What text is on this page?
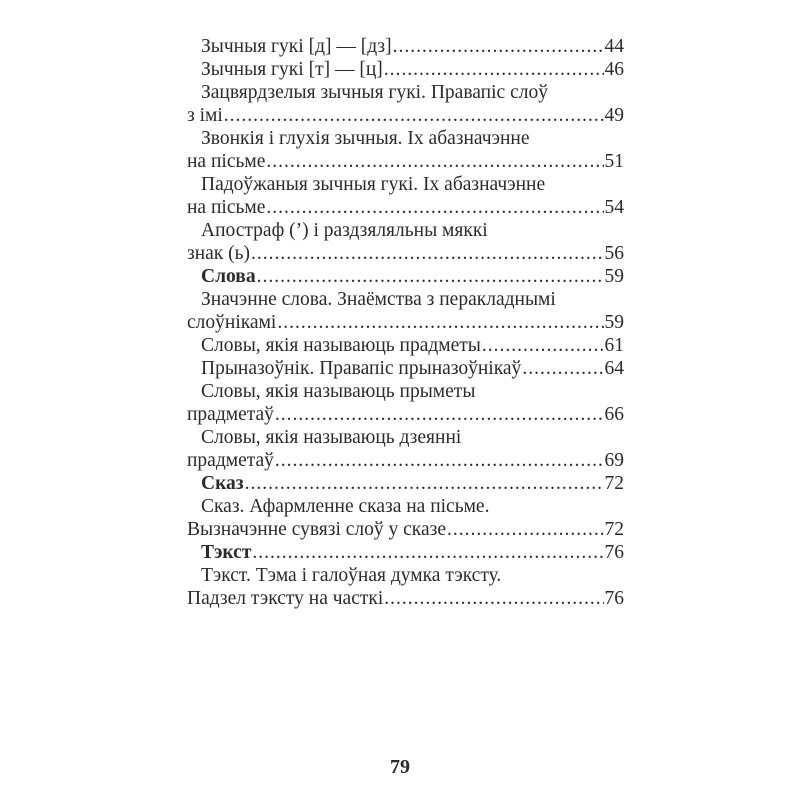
Зычныя гукі [д] — [дз] .....	44
Зычныя гукі [т] — [ц] .....	46
Зацвярдзелыя зычныя гукі. Правапіс слоў
з імі .....	49
Звонкія і глухія зычныя. Іх абазначэнне
на пісьме .....	51
Падоўжаныя зычныя гукі. Іх абазначэнне
на пісьме .....	54
Апостраф (’) і раздзяляльны мяккі
знак (ь) .....	56
Слова .....	59
Значэнне слова. Знаёмства з перакладнымі
слоўнікамі .....	59
Словы, якія называюць прадметы .....	61
Прыназоўнік. Правапіс прыназоўнікаў .....	64
Словы, якія называюць прыметы
прадметаў .....	66
Словы, якія называюць дзеянні
прадметаў .....	69
Сказ .....	72
Сказ. Афармленне сказа на пісьме.
Вызначэнне сувязі слоў у сказе .....	72
Тэкст .....	76
Тэкст. Тэма і галоўная думка тэксту.
Падзел тэксту на часткі .....	76
79
